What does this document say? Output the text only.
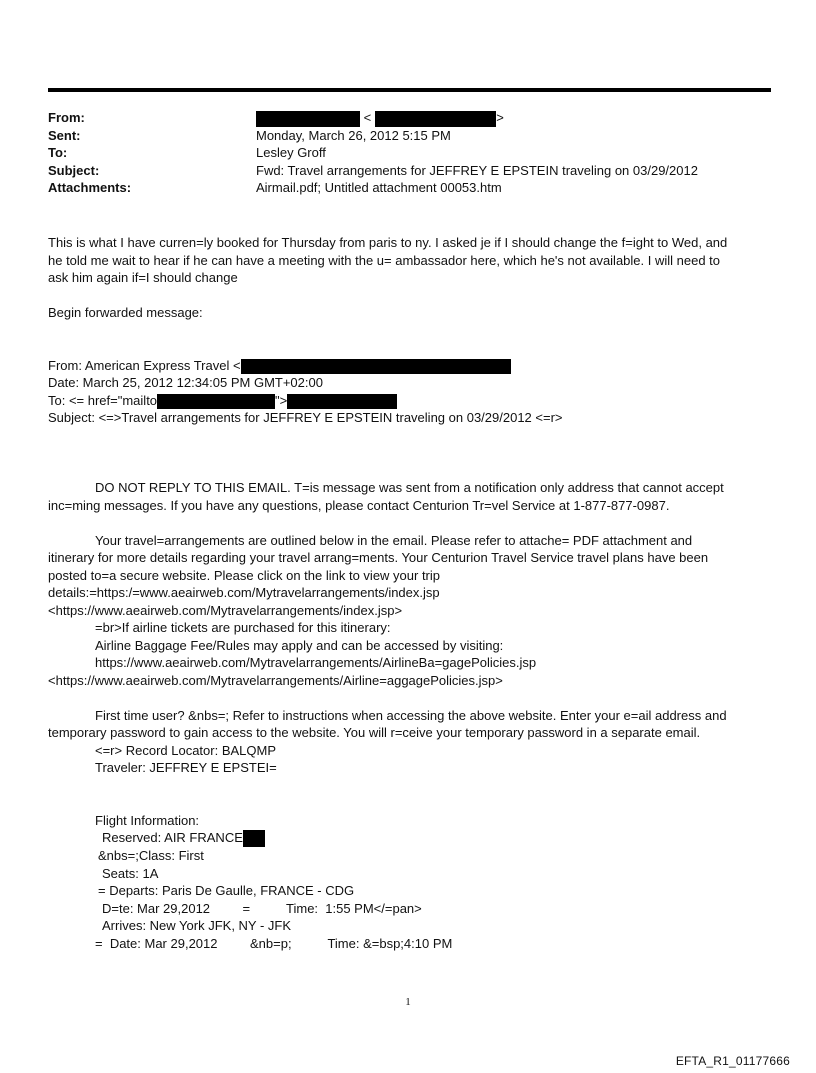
From:	<	>
Sent:	Monday, March 26, 2012 5:15 PM
To:	Lesley Groff
Subject:	Fwd: Travel arrangements for JEFFREY E EPSTEIN traveling on 03/29/2012
Attachments:	Airmail.pdf; Untitled attachment 00053.htm

This is what I have curren=ly booked for Thursday from paris to ny. I asked je if I should change the f=ight to Wed, and

he told me wait to hear if he can have a meeting with the u= ambassador here, which he's not available. I will need to

ask him again if=I should change

Begin forwarded message:

From: American Express Travel <

Date: March 25, 2012 12:34:05 PM GMT+02:00

To: <= href="mailto	">

Subject: <=>Travel arrangements for JEFFREY E EPSTEIN traveling on 03/29/2012 <=r>

DO NOT REPLY TO THIS EMAIL. T=is message was sent from a notification only address that cannot accept

inc=ming messages. If you have any questions, please contact Centurion Tr=vel Service at 1-877-877-0987.

Your travel=arrangements are outlined below in the email. Please refer to attache= PDF attachment and

itinerary for more details regarding your travel arrang=ments. Your Centurion Travel Service travel plans have been

posted to=a secure website. Please click on the link to view your trip

details:=https:/=www.aeairweb.com/Mytravelarrangements/index.jsp

<https://www.aeairweb.com/Mytravelarrangements/index.jsp>

=br>If airline tickets are purchased for this itinerary:

Airline Baggage Fee/Rules may apply and can be accessed by visiting:

https://www.aeairweb.com/Mytravelarrangements/AirlineBa=gagePolicies.jsp

<https://www.aeairweb.com/Mytravelarrangements/Airline=aggagePolicies.jsp>

First time user? &nbs=; Refer to instructions when accessing the above website. Enter your e=ail address and

temporary password to gain access to the website. You will r=ceive your temporary password in a separate email.

<=r> Record Locator: BALQMP

Traveler: JEFFREY E EPSTEI=

Flight Information:

Reserved: AIR FRANCE

&nbs=;Class: First

Seats: 1A

= Departs: Paris De Gaulle, FRANCE - CDG

D=te: Mar 29,2012         =          Time:  1:55 PM</=pan>

Arrives: New York JFK, NY - JFK

=  Date: Mar 29,2012         &nb=p;          Time: &=bsp;4:10 PM

1
EFTA_R1_01177666
